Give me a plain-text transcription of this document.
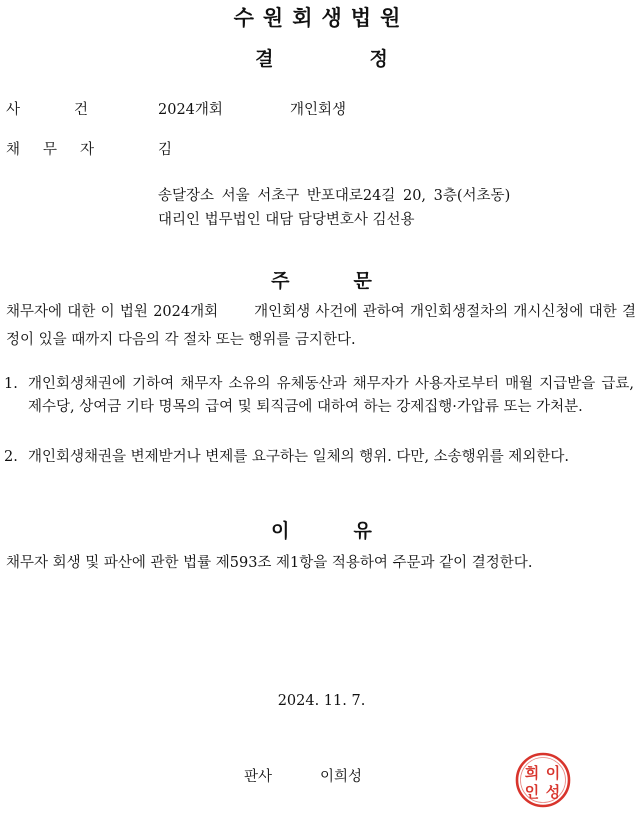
수원회생법원
결	정
사건	2024개회	개인회생
채무자	김
송달장소 서울 서초구 반포대로24길 20, 3층(서초동)
대리인 법무법인 대담 담당변호사 김선용
주	문
채무자에 대한 이 법원 2024개회 개인회생 사건에 관하여 개인회생절차의 개시신청에 대한 결정이 있을 때까지 다음의 각 절차 또는 행위를 금지한다.
1. 개인회생채권에 기하여 채무자 소유의 유체동산과 채무자가 사용자로부터 매월 지급받을 급료, 제수당, 상여금 기타 명목의 급여 및 퇴직금에 대하여 하는 강제집행·가압류 또는 가처분.
2. 개인회생채권을 변제받거나 변제를 요구하는 일체의 행위. 다만, 소송행위를 제외한다.
이	유
채무자 회생 및 파산에 관한 법률 제593조 제1항을 적용하여 주문과 같이 결정한다.
2024. 11. 7.
판사	이희성	희 이
인 성
